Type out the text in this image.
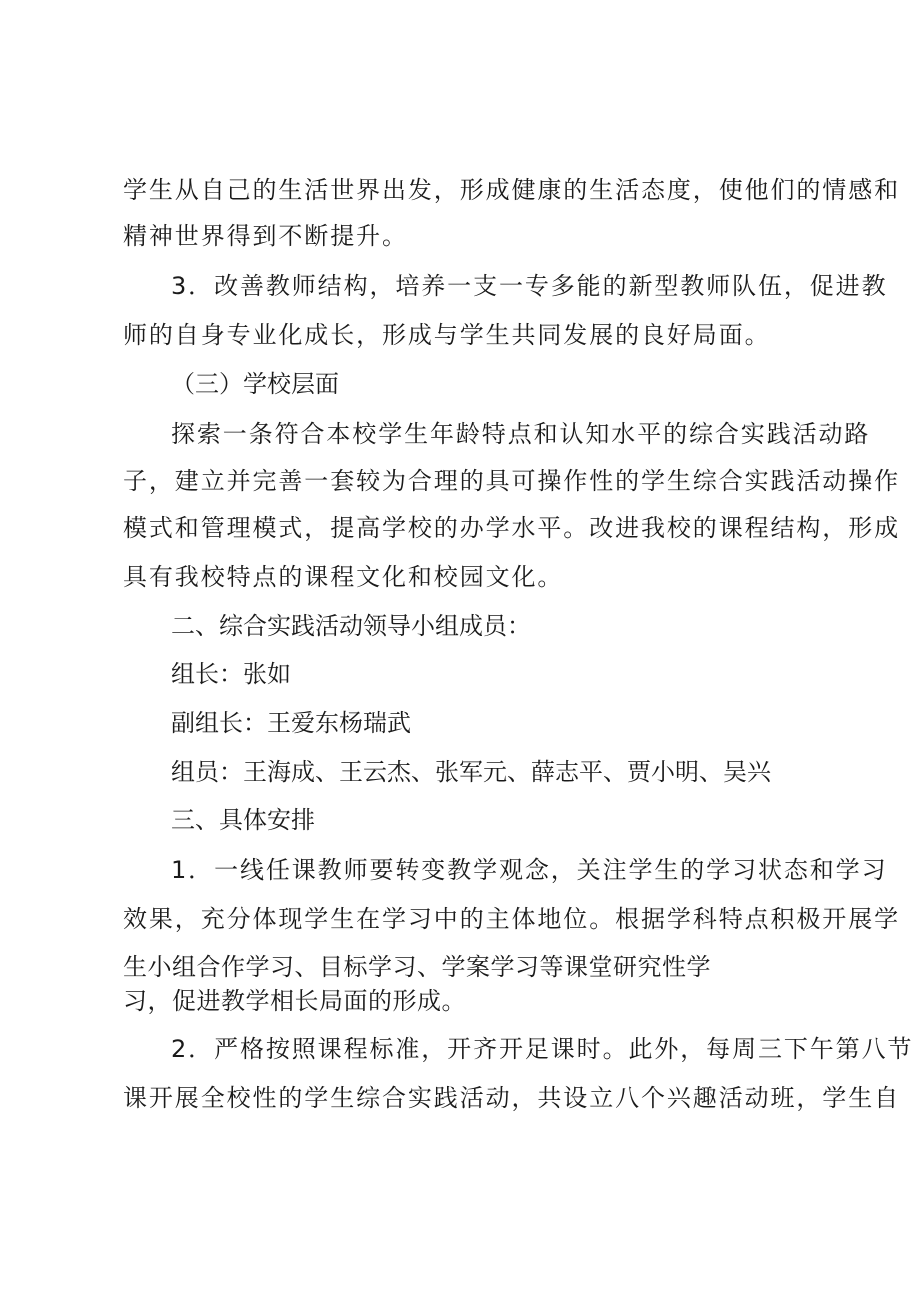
学生从自己的生活世界出发，形成健康的生活态度，使他们的情感和
精神世界得到不断提升。
3．改善教师结构，培养一支一专多能的新型教师队伍，促进教
师的自身专业化成长，形成与学生共同发展的良好局面。
（三）学校层面
探索一条符合本校学生年龄特点和认知水平的综合实践活动路
子，建立并完善一套较为合理的具可操作性的学生综合实践活动操作
模式和管理模式，提高学校的办学水平。改进我校的课程结构，形成
具有我校特点的课程文化和校园文化。
二、综合实践活动领导小组成员：
组长：张如
副组长：王爱东杨瑞武
组员：王海成、王云杰、张军元、薛志平、贾小明、吴兴
三、具体安排
1．一线任课教师要转变教学观念，关注学生的学习状态和学习
效果，充分体现学生在学习中的主体地位。根据学科特点积极开展学
生小组合作学习、目标学习、学案学习等课堂研究性学
习，促进教学相长局面的形成。
2．严格按照课程标准，开齐开足课时。此外，每周三下午第八节
课开展全校性的学生综合实践活动，共设立八个兴趣活动班，学生自
